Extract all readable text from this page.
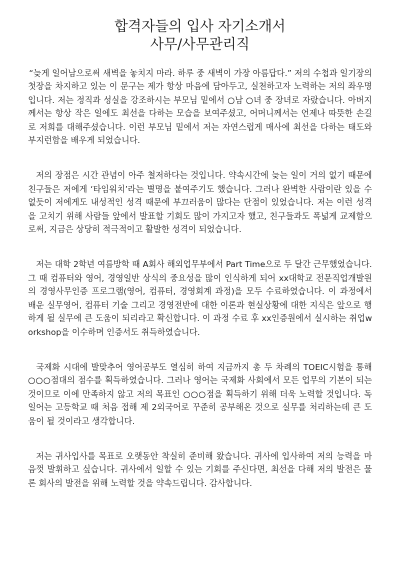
합격자들의 입사 자기소개서
사무/사무관리직

“늦게 일어남으로써 새벽을 놓치지 마라. 하루 중 새벽이 가장 아름답다.” 저의 수첩과 일기장의 첫장을 차지하고 있는 이 문구는 제가 항상 마음에 담아두고, 실천하고자 노력하는 저의 좌우명입니다. 저는 정직과 성실을 강조하시는 부모님 밑에서 ○남 ○녀 중 장녀로 자랐습니다. 아버지께서는 항상 작은 일에도 최선을 다하는 모습을 보여주셨고, 어머니께서는 언제나 따뜻한 손길로 저희를 대해주셨습니다. 이런 부모님 밑에서 저는 자연스럽게 매사에 최선을 다하는 태도와 부지런함을 배우게 되었습니다.

저의 장점은 시간 관념이 아주 철저하다는 것입니다. 약속시간에 늦는 일이 거의 없기 때문에 친구들은 저에게 ‘타임워치’라는 별명을 붙여주기도 했습니다. 그러나 완벽한 사람이란 있을 수 없듯이 저에게도 내성적인 성격 때문에 부끄러움이 많다는 단점이 있었습니다. 저는 이런 성격을 고치기 위해 사람들 앞에서 발표할 기회도 많이 가지고자 했고, 친구들과도 폭넓게 교제함으로써, 지금은 상당히 적극적이고 활발한 성격이 되었습니다.

저는 대학 2학년 여름방학 때 A회사 해외업무부에서 Part Time으로 두 달간 근무했었습니다. 그 때 컴퓨터와 영어, 경영일반 상식의 중요성을 많이 인식하게 되어 xx대학교 전문직업개발원의 경영사무인증 프로그램(영어, 컴퓨터, 경영회계 과정)을 모두 수료하였습니다. 이 과정에서 배운 실무영어, 컴퓨터 기술 그리고 경영전반에 대한 이론과 현실상황에 대한 지식은 앞으로 행하게 될 실무에 큰 도움이 되리라고 확신합니다. 이 과정 수료 후 xx인증원에서 실시하는 취업workshop을 이수하며 인증서도 취득하였습니다.

국제화 시대에 발맞추어 영어공부도 열심히 하여 지금까지 총 두 차례의 TOEIC시험을 통해 ○○○점대의 점수를 획득하였습니다. 그러나 영어는 국제화 사회에서 모든 업무의 기본이 되는 것이므로 이에 만족하지 않고 저의 목표인 ○○○점을 획득하기 위해 더욱 노력할 것입니다. 독일어는 고등학교 때 처음 접해 제 2외국어로 꾸준히 공부해온 것으로 실무를 처리하는데 큰 도움이 될 것이라고 생각합니다.

저는 귀사입사를 목표로 오랫동안 착실히 준비해 왔습니다. 귀사에 입사하여 저의 능력을 마음껏 발휘하고 싶습니다. 귀사에서 일할 수 있는 기회를 주신다면, 최선을 다해 저의 발전은 물론 회사의 발전을 위해 노력할 것을 약속드립니다. 감사합니다.
